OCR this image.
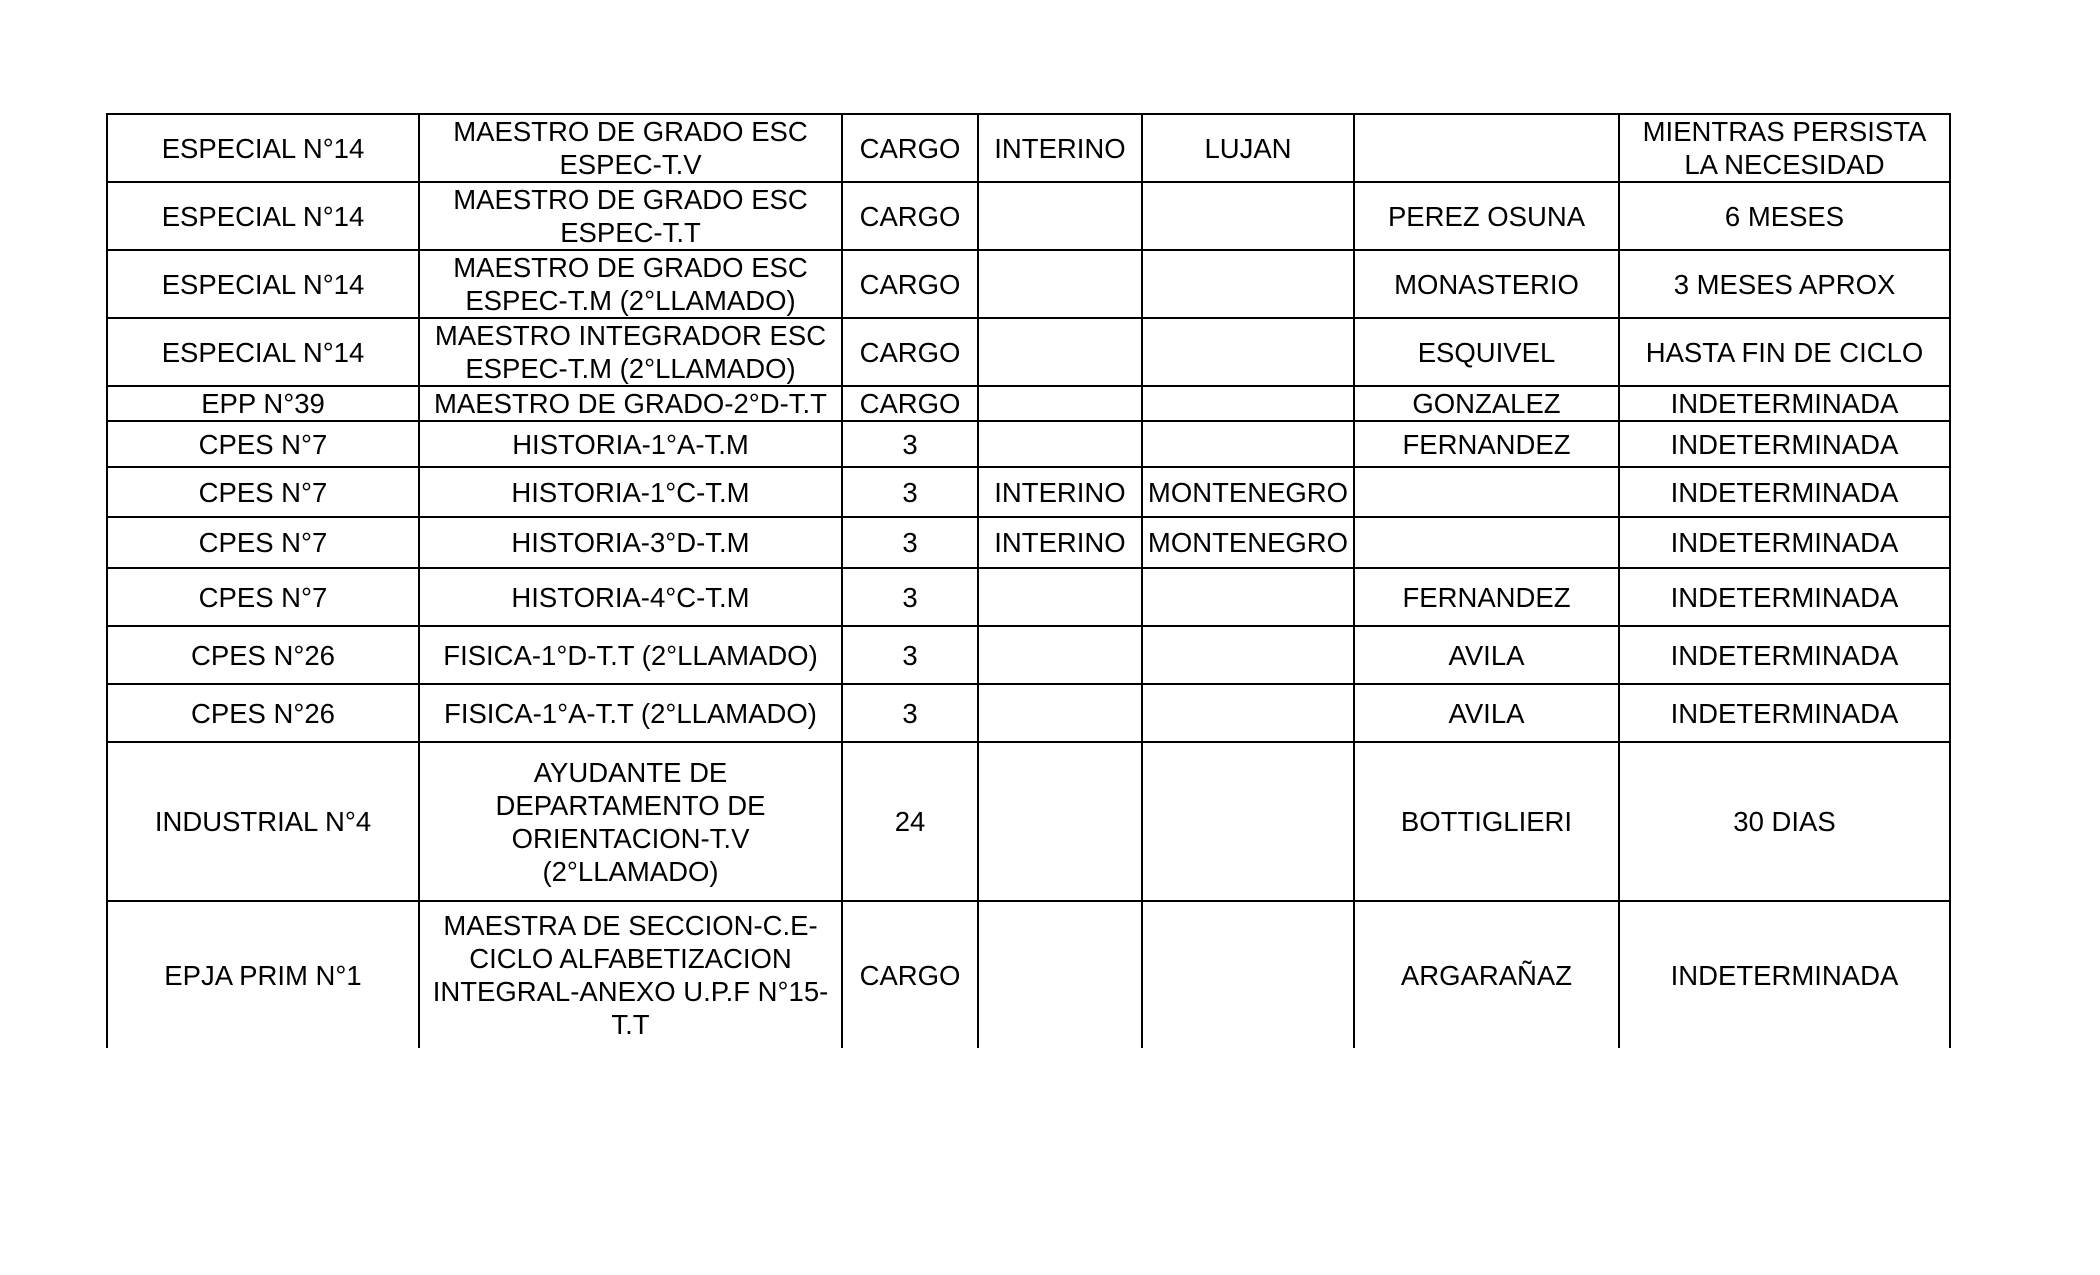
ESPECIAL N°14	MAESTRO DE GRADO ESC ESPEC-T.V	CARGO	INTERINO	LUJAN		MIENTRAS PERSISTA LA NECESIDAD

ESPECIAL N°14	MAESTRO DE GRADO ESC ESPEC-T.T	CARGO			PEREZ OSUNA	6 MESES

ESPECIAL N°14	MAESTRO DE GRADO ESC ESPEC-T.M (2°LLAMADO)	CARGO			MONASTERIO	3 MESES APROX

ESPECIAL N°14	MAESTRO INTEGRADOR ESC ESPEC-T.M (2°LLAMADO)	CARGO			ESQUIVEL	HASTA FIN DE CICLO

EPP N°39	MAESTRO DE GRADO-2°D-T.T	CARGO			GONZALEZ	INDETERMINADA

CPES N°7	HISTORIA-1°A-T.M	3			FERNANDEZ	INDETERMINADA

CPES N°7	HISTORIA-1°C-T.M	3	INTERINO	MONTENEGRO		INDETERMINADA

CPES N°7	HISTORIA-3°D-T.M	3	INTERINO	MONTENEGRO		INDETERMINADA

CPES N°7	HISTORIA-4°C-T.M	3			FERNANDEZ	INDETERMINADA

CPES N°26	FISICA-1°D-T.T (2°LLAMADO)	3			AVILA	INDETERMINADA

CPES N°26	FISICA-1°A-T.T (2°LLAMADO)	3			AVILA	INDETERMINADA

INDUSTRIAL N°4	AYUDANTE DE DEPARTAMENTO DE ORIENTACION-T.V (2°LLAMADO)	24			BOTTIGLIERI	30 DIAS

EPJA PRIM N°1	MAESTRA DE SECCION-C.E-CICLO ALFABETIZACION INTEGRAL-ANEXO U.P.F N°15-T.T	CARGO			ARGARAÑAZ	INDETERMINADA
